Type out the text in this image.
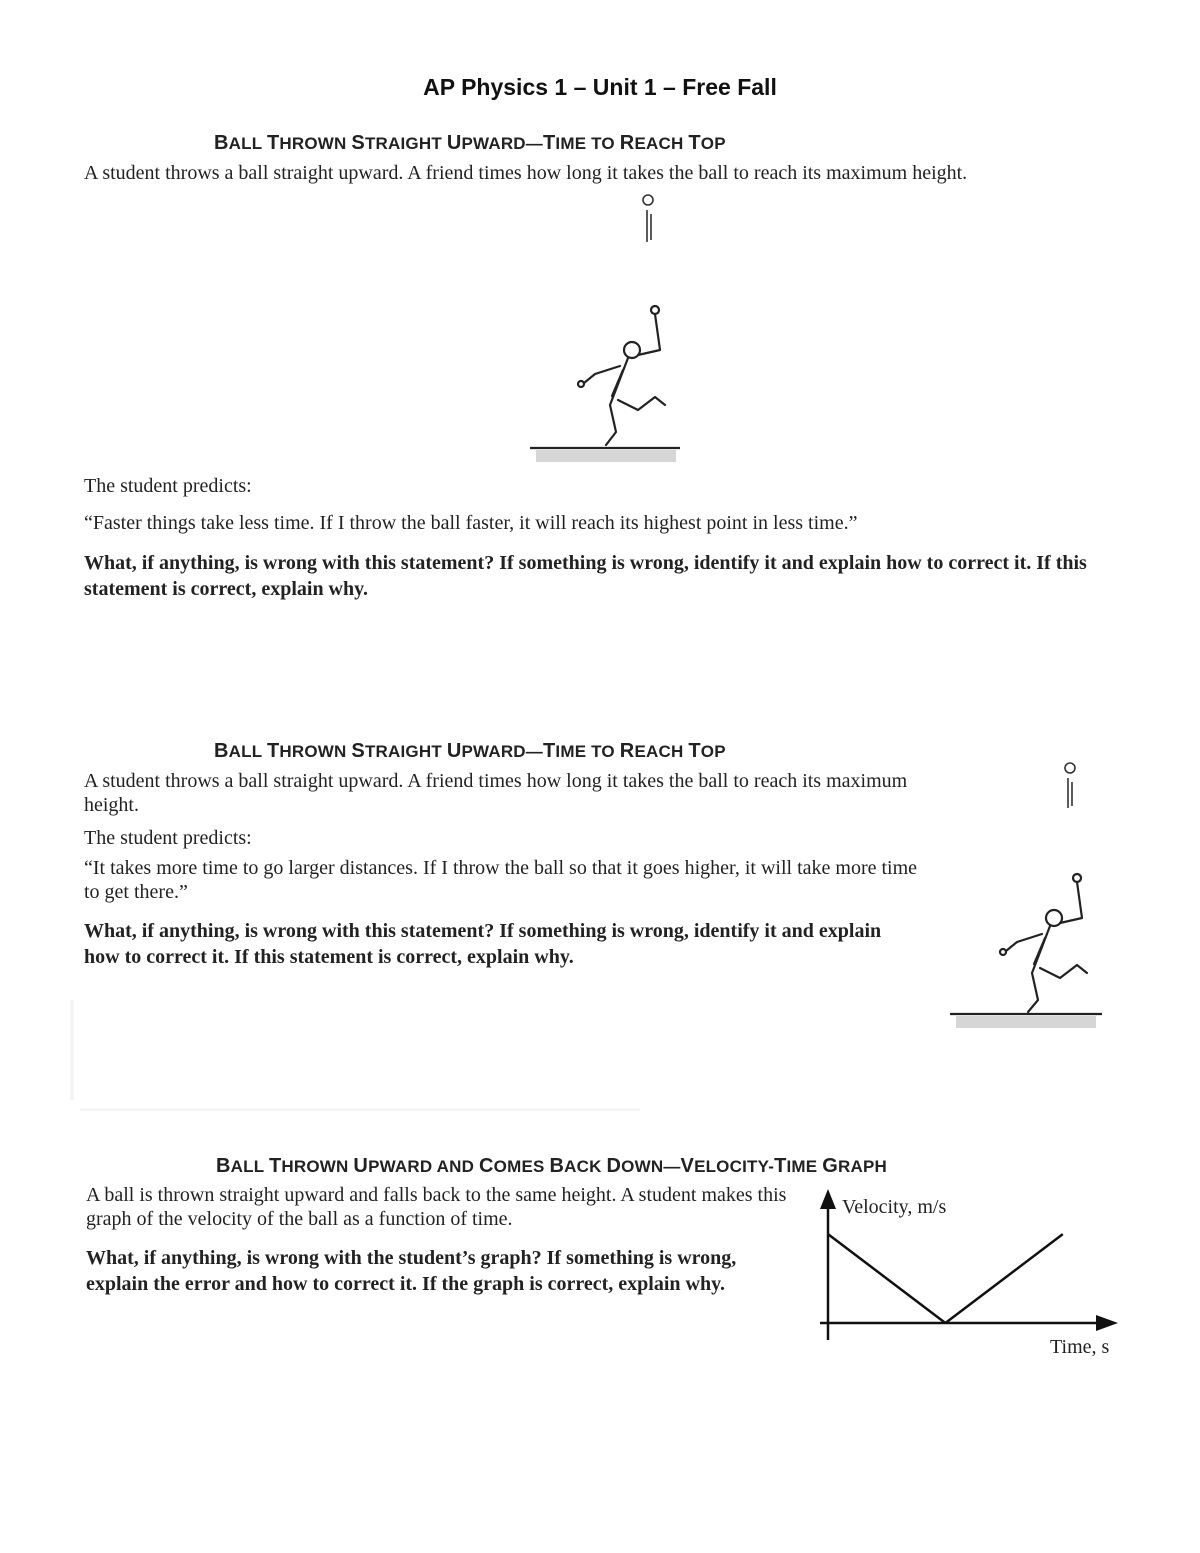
AP Physics 1 – Unit 1 – Free Fall
BALL THROWN STRAIGHT UPWARD—TIME TO REACH TOP
A student throws a ball straight upward. A friend times how long it takes the ball to reach its maximum height.
The student predicts:
“Faster things take less time. If I throw the ball faster, it will reach its highest point in less time.”
What, if anything, is wrong with this statement? If something is wrong, identify it and explain how to correct it. If this statement is correct, explain why.
BALL THROWN STRAIGHT UPWARD—TIME TO REACH TOP
A student throws a ball straight upward. A friend times how long it takes the ball to reach its maximum height.
The student predicts:
“It takes more time to go larger distances. If I throw the ball so that it goes higher, it will take more time to get there.”
What, if anything, is wrong with this statement? If something is wrong, identify it and explain how to correct it. If this statement is correct, explain why.
BALL THROWN UPWARD AND COMES BACK DOWN—VELOCITY-TIME GRAPH
A ball is thrown straight upward and falls back to the same height. A student makes this graph of the velocity of the ball as a function of time.
What, if anything, is wrong with the student’s graph? If something is wrong, explain the error and how to correct it. If the graph is correct, explain why.
Velocity, m/s
Time, s
